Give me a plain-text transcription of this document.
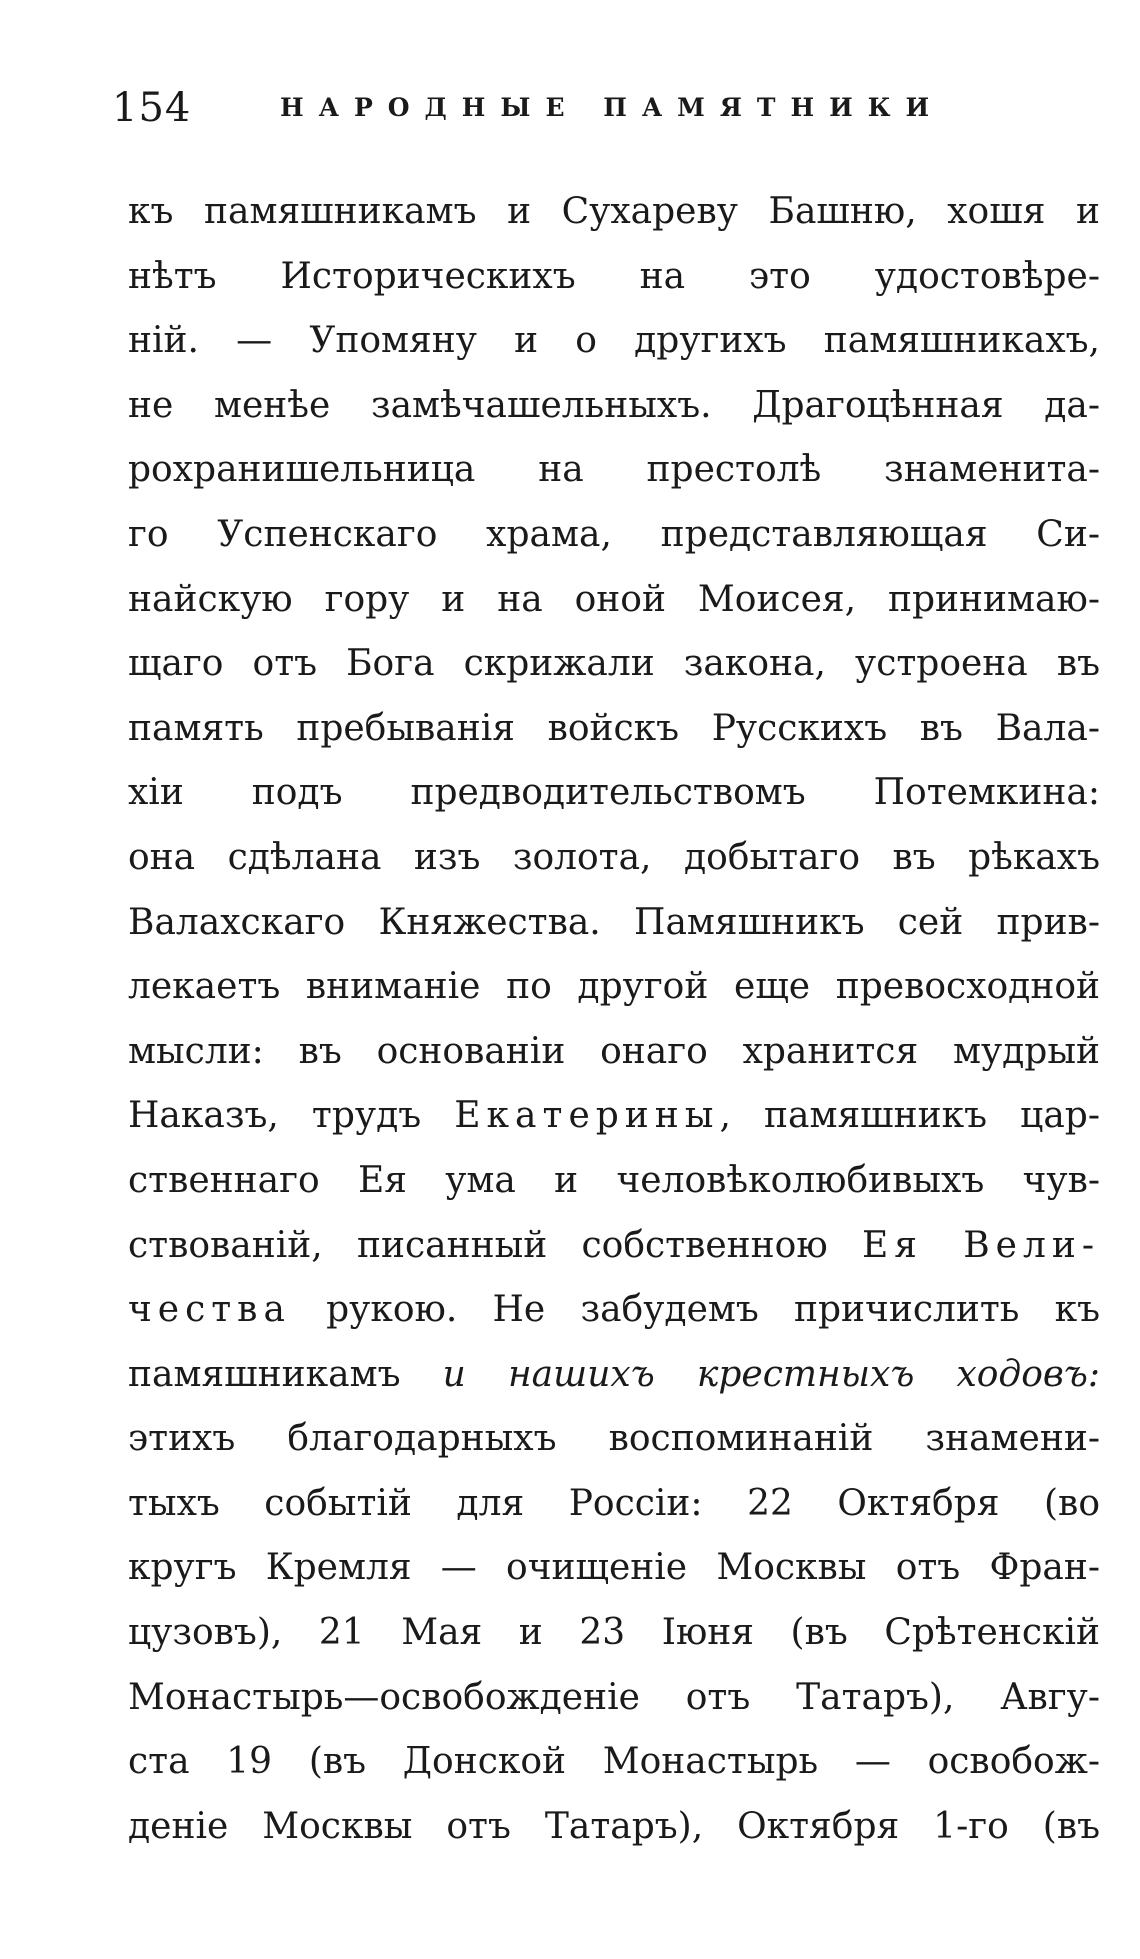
154	НАРОДНЫЕ ПАМЯТНИКИ
къ памяшникамъ и Сухареву Башню, хошя и
нѣтъ Историческихъ на это удостовѣре-
ній. — Упомяну и о другихъ памяшникахъ,
не менѣе замѣчашельныхъ. Драгоцѣнная да-
рохранишельница на престолѣ знаменита-
го Успенскаго храма, представляющая Си-
найскую гору и на оной Моисея, принимаю-
щаго отъ Бога скрижали закона, устроена въ
память пребыванія войскъ Русскихъ въ Вала-
хіи подъ предводительствомъ Потемкина:
она сдѣлана изъ золота, добытаго въ рѣкахъ
Валахскаго Княжества. Памяшникъ сей прив-
лекаетъ вниманіе по другой еще превосходной
мысли: въ основаніи онаго хранится мудрый
Наказъ, трудъ Екатерины, памяшникъ цар-
ственнаго Ея ума и человѣколюбивыхъ чув-
ствованій, писанный собственною Ея Вели-
чества рукою. Не забудемъ причислить къ
памяшникамъ и нашихъ крестныхъ ходовъ:
этихъ благодарныхъ воспоминаній знамени-
тыхъ событій для Россіи: 22 Октября (во
кругъ Кремля — очищеніе Москвы отъ Фран-
цузовъ), 21 Мая и 23 Іюня (въ Срѣтенскій
Монастырь—освобожденіе отъ Татаръ), Авгу-
ста 19 (въ Донской Монастырь — освобож-
деніе Москвы отъ Татаръ), Октября 1-го (въ
